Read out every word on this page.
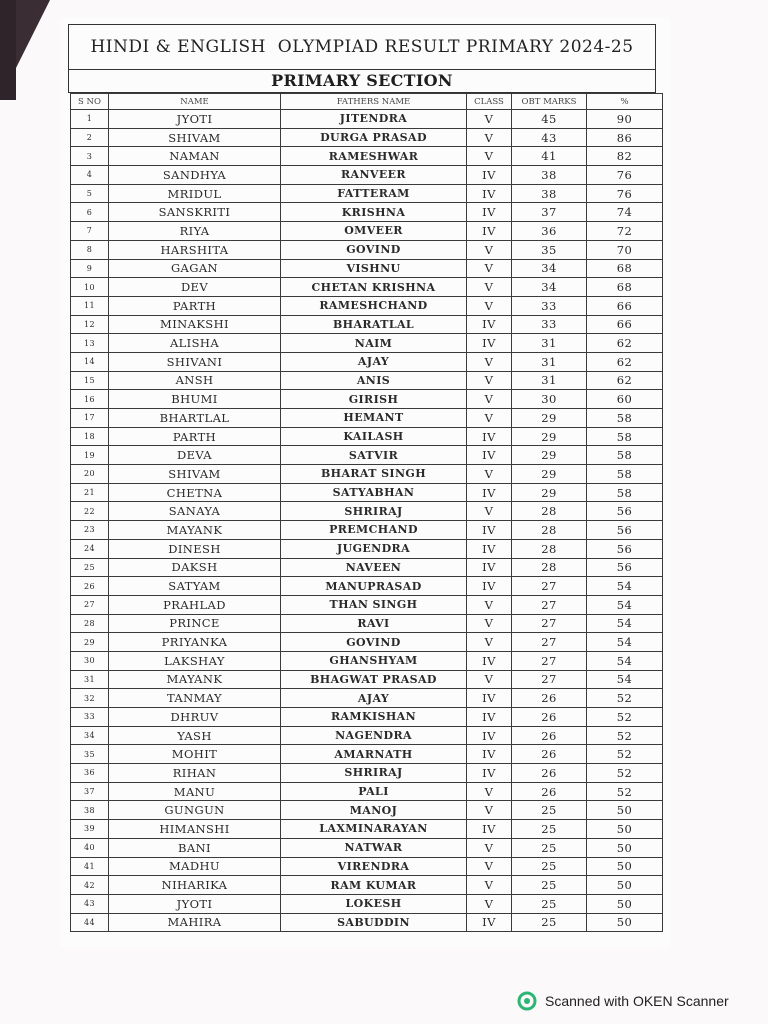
HINDI & ENGLISH  OLYMPIAD RESULT PRIMARY 2024-25
PRIMARY SECTION
S NO	NAME	FATHERS NAME	CLASS	OBT MARKS	%
1	JYOTI	JITENDRA	V	45	90
2	SHIVAM	DURGA PRASAD	V	43	86
3	NAMAN	RAMESHWAR	V	41	82
4	SANDHYA	RANVEER	IV	38	76
5	MRIDUL	FATTERAM	IV	38	76
6	SANSKRITI	KRISHNA	IV	37	74
7	RIYA	OMVEER	IV	36	72
8	HARSHITA	GOVIND	V	35	70
9	GAGAN	VISHNU	V	34	68
10	DEV	CHETAN KRISHNA	V	34	68
11	PARTH	RAMESHCHAND	V	33	66
12	MINAKSHI	BHARATLAL	IV	33	66
13	ALISHA	NAIM	IV	31	62
14	SHIVANI	AJAY	V	31	62
15	ANSH	ANIS	V	31	62
16	BHUMI	GIRISH	V	30	60
17	BHARTLAL	HEMANT	V	29	58
18	PARTH	KAILASH	IV	29	58
19	DEVA	SATVIR	IV	29	58
20	SHIVAM	BHARAT SINGH	V	29	58
21	CHETNA	SATYABHAN	IV	29	58
22	SANAYA	SHRIRAJ	V	28	56
23	MAYANK	PREMCHAND	IV	28	56
24	DINESH	JUGENDRA	IV	28	56
25	DAKSH	NAVEEN	IV	28	56
26	SATYAM	MANUPRASAD	IV	27	54
27	PRAHLAD	THAN SINGH	V	27	54
28	PRINCE	RAVI	V	27	54
29	PRIYANKA	GOVIND	V	27	54
30	LAKSHAY	GHANSHYAM	IV	27	54
31	MAYANK	BHAGWAT PRASAD	V	27	54
32	TANMAY	AJAY	IV	26	52
33	DHRUV	RAMKISHAN	IV	26	52
34	YASH	NAGENDRA	IV	26	52
35	MOHIT	AMARNATH	IV	26	52
36	RIHAN	SHRIRAJ	IV	26	52
37	MANU	PALI	V	26	52
38	GUNGUN	MANOJ	V	25	50
39	HIMANSHI	LAXMINARAYAN	IV	25	50
40	BANI	NATWAR	V	25	50
41	MADHU	VIRENDRA	V	25	50
42	NIHARIKA	RAM KUMAR	V	25	50
43	JYOTI	LOKESH	V	25	50
44	MAHIRA	SABUDDIN	IV	25	50
Scanned with OKEN Scanner
